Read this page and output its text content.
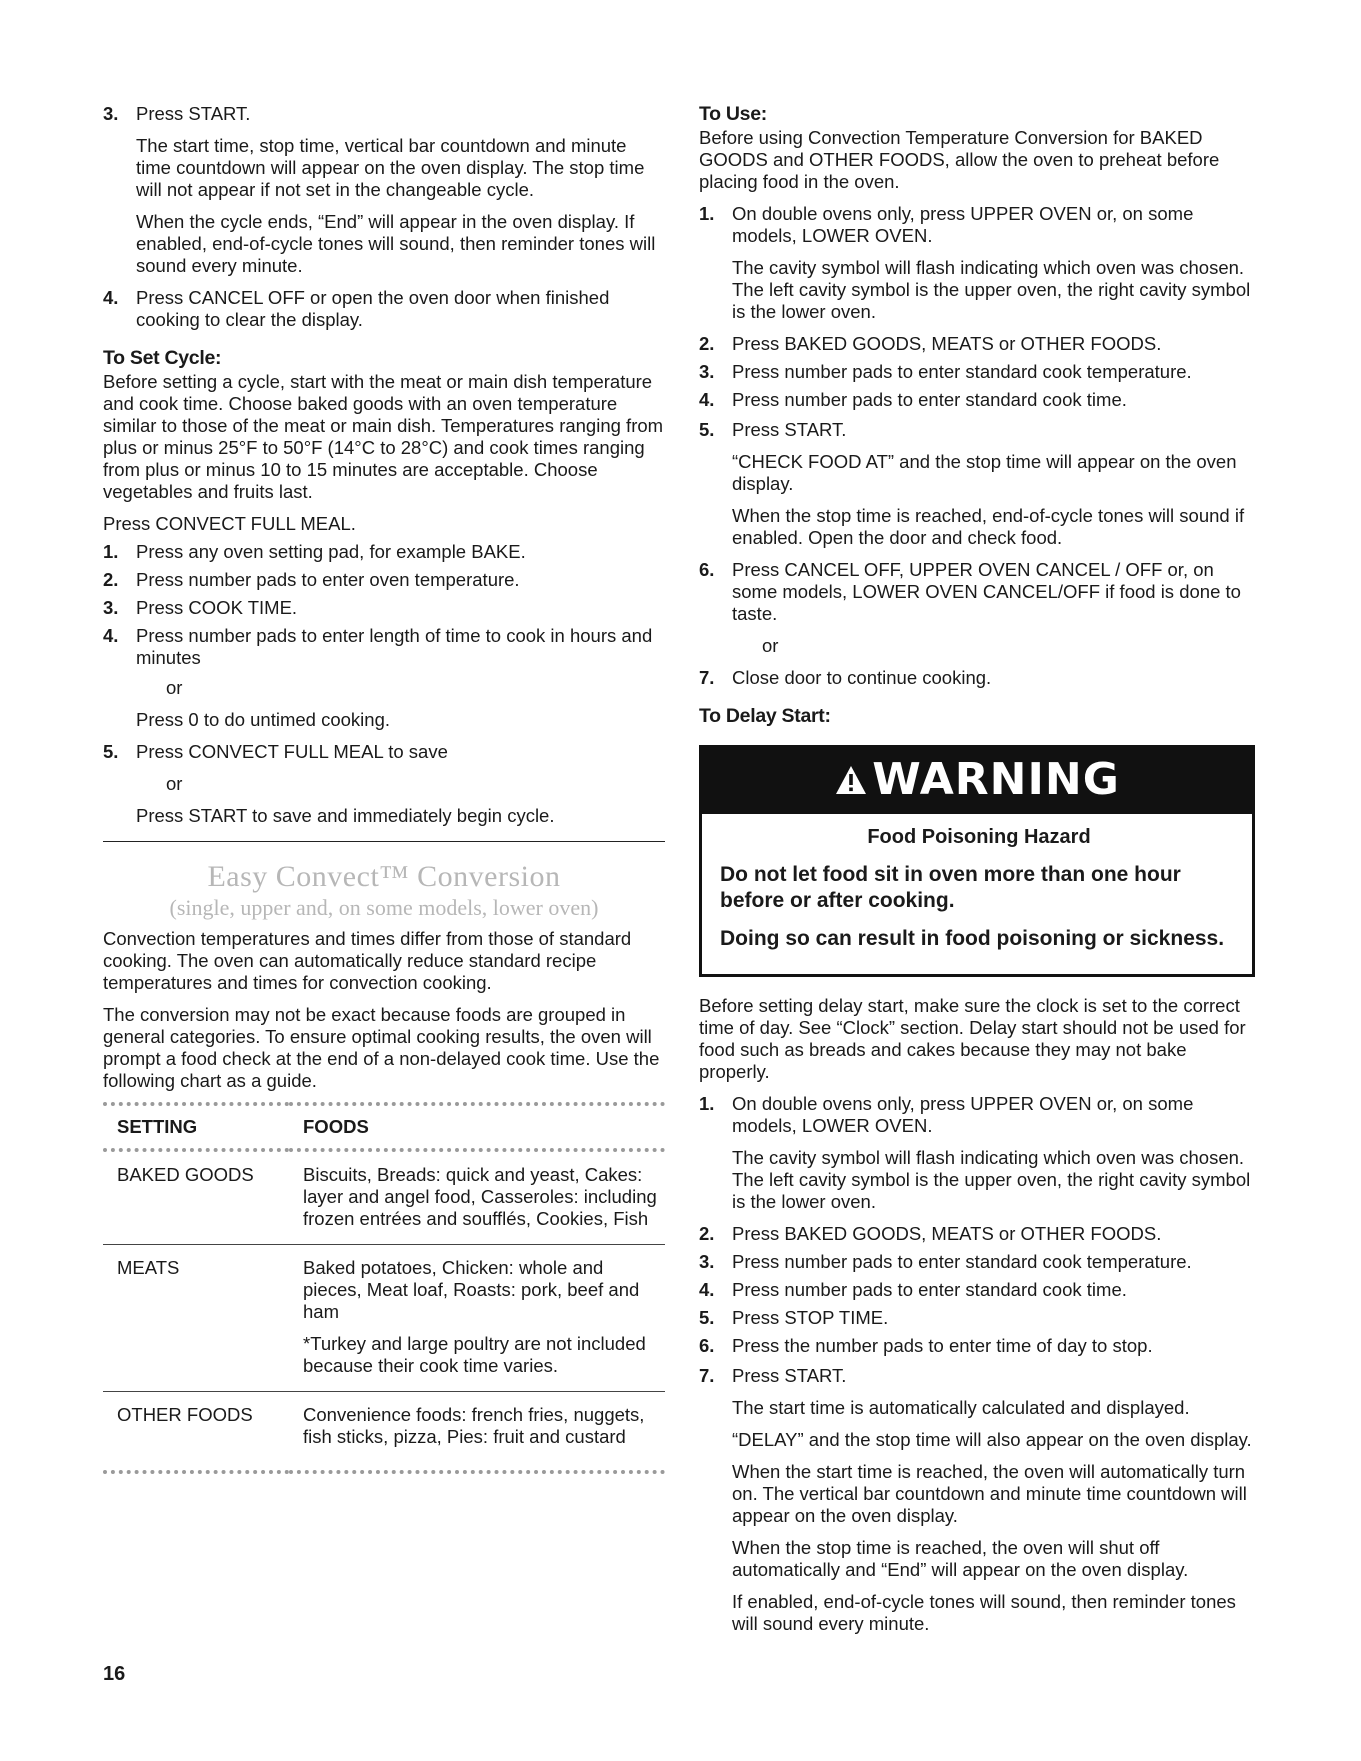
3. Press START.

The start time, stop time, vertical bar countdown and minute time countdown will appear on the oven display. The stop time will not appear if not set in the changeable cycle.

When the cycle ends, “End” will appear in the oven display. If enabled, end-of-cycle tones will sound, then reminder tones will sound every minute.

4. Press CANCEL OFF or open the oven door when finished cooking to clear the display.

To Set Cycle:

Before setting a cycle, start with the meat or main dish temperature and cook time. Choose baked goods with an oven temperature similar to those of the meat or main dish. Temperatures ranging from plus or minus 25°F to 50°F (14°C to 28°C) and cook times ranging from plus or minus 10 to 15 minutes are acceptable. Choose vegetables and fruits last.

Press CONVECT FULL MEAL.

1. Press any oven setting pad, for example BAKE.
2. Press number pads to enter oven temperature.
3. Press COOK TIME.
4. Press number pads to enter length of time to cook in hours and minutes

or

Press 0 to do untimed cooking.

5. Press CONVECT FULL MEAL to save

or

Press START to save and immediately begin cycle.

Easy Convect™ Conversion

(single, upper and, on some models, lower oven)

Convection temperatures and times differ from those of standard cooking. The oven can automatically reduce standard recipe temperatures and times for convection cooking.

The conversion may not be exact because foods are grouped in general categories. To ensure optimal cooking results, the oven will prompt a food check at the end of a non-delayed cook time. Use the following chart as a guide.

SETTING	FOODS
BAKED GOODS	Biscuits, Breads: quick and yeast, Cakes: layer and angel food, Casseroles: including frozen entrées and soufflés, Cookies, Fish
MEATS	Baked potatoes, Chicken: whole and pieces, Meat loaf, Roasts: pork, beef and ham
*Turkey and large poultry are not included because their cook time varies.

OTHER FOODS	Convenience foods: french fries, nuggets, fish sticks, pizza, Pies: fruit and custard
To Use:

Before using Convection Temperature Conversion for BAKED GOODS and OTHER FOODS, allow the oven to preheat before placing food in the oven.

1. On double ovens only, press UPPER OVEN or, on some models, LOWER OVEN.

The cavity symbol will flash indicating which oven was chosen. The left cavity symbol is the upper oven, the right cavity symbol is the lower oven.

2. Press BAKED GOODS, MEATS or OTHER FOODS.
3. Press number pads to enter standard cook temperature.
4. Press number pads to enter standard cook time.
5. Press START.

“CHECK FOOD AT” and the stop time will appear on the oven display.

When the stop time is reached, end-of-cycle tones will sound if enabled. Open the door and check food.

6. Press CANCEL OFF, UPPER OVEN CANCEL / OFF or, on some models, LOWER OVEN CANCEL/OFF if food is done to taste.

or

7. Close door to continue cooking.
To Delay Start:
WARNING

Food Poisoning Hazard

Do not let food sit in oven more than one hour before or after cooking.

Doing so can result in food poisoning or sickness.

Before setting delay start, make sure the clock is set to the correct time of day. See “Clock” section. Delay start should not be used for food such as breads and cakes because they may not bake properly.

1. On double ovens only, press UPPER OVEN or, on some models, LOWER OVEN.

The cavity symbol will flash indicating which oven was chosen. The left cavity symbol is the upper oven, the right cavity symbol is the lower oven.

2. Press BAKED GOODS, MEATS or OTHER FOODS.
3. Press number pads to enter standard cook temperature.
4. Press number pads to enter standard cook time.
5. Press STOP TIME.
6. Press the number pads to enter time of day to stop.
7. Press START.

The start time is automatically calculated and displayed.

“DELAY” and the stop time will also appear on the oven display.

When the start time is reached, the oven will automatically turn on. The vertical bar countdown and minute time countdown will appear on the oven display.

When the stop time is reached, the oven will shut off automatically and “End” will appear on the oven display.

If enabled, end-of-cycle tones will sound, then reminder tones will sound every minute.

16
